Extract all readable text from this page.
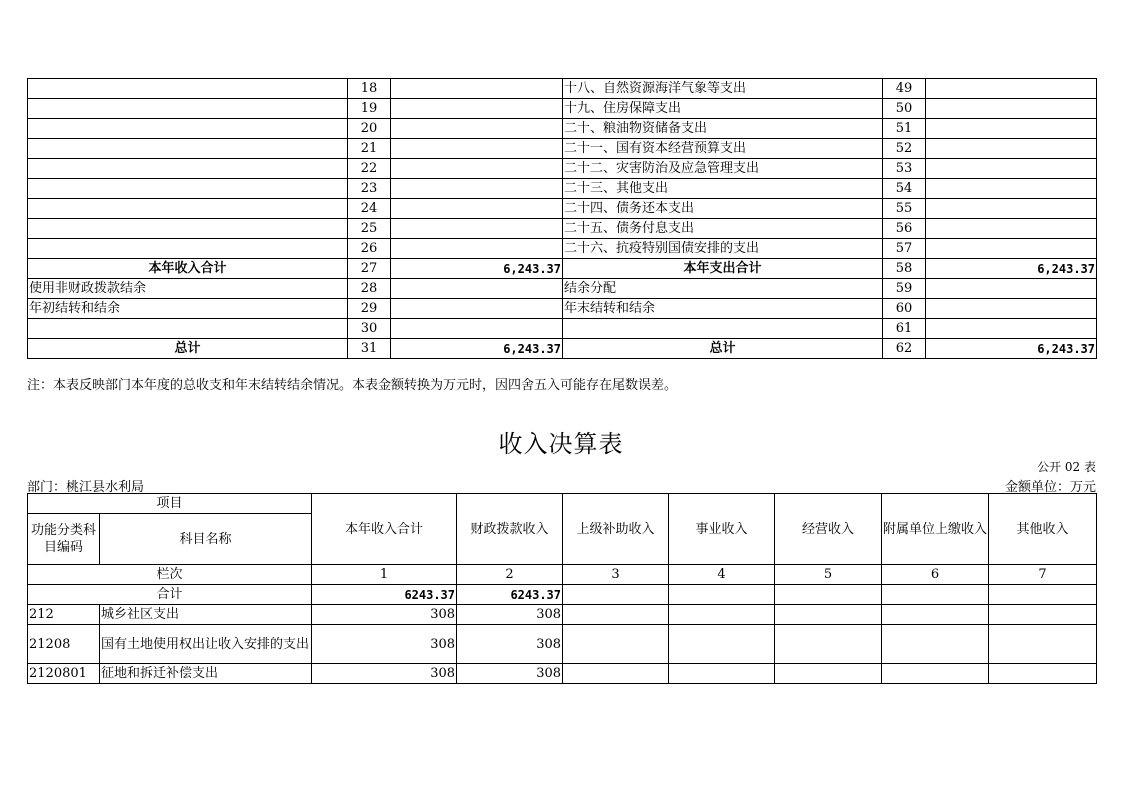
	18		十八、自然资源海洋气象等支出	49	
	19		十九、住房保障支出	50	
	20		二十、粮油物资储备支出	51	
	21		二十一、国有资本经营预算支出	52	
	22		二十二、灾害防治及应急管理支出	53	
	23		二十三、其他支出	54	
	24		二十四、债务还本支出	55	
	25		二十五、债务付息支出	56	
	26		二十六、抗疫特别国债安排的支出	57	
本年收入合计	27	6,243.37	本年支出合计	58	6,243.37
使用非财政拨款结余	28		结余分配	59	
年初结转和结余	29		年末结转和结余	60	
	30			61	
总计	31	6,243.37	总计	62	6,243.37
注：本表反映部门本年度的总收支和年末结转结余情况。本表金额转换为万元时，因四舍五入可能存在尾数误差。
收入决算表
公开 02 表
部门：桃江县水利局	金额单位：万元
项目		本年收入合计	财政拨款收入	上级补助收入	事业收入	经营收入	附属单位上缴收入	其他收入
功能分类科目编码	科目名称							
栏次		1	2	3	4	5	6	7
合计		6243.37	6243.37					
212	城乡社区支出	308	308					
21208	国有土地使用权出让收入安排的支出	308	308					
2120801	征地和拆迁补偿支出	308	308					
